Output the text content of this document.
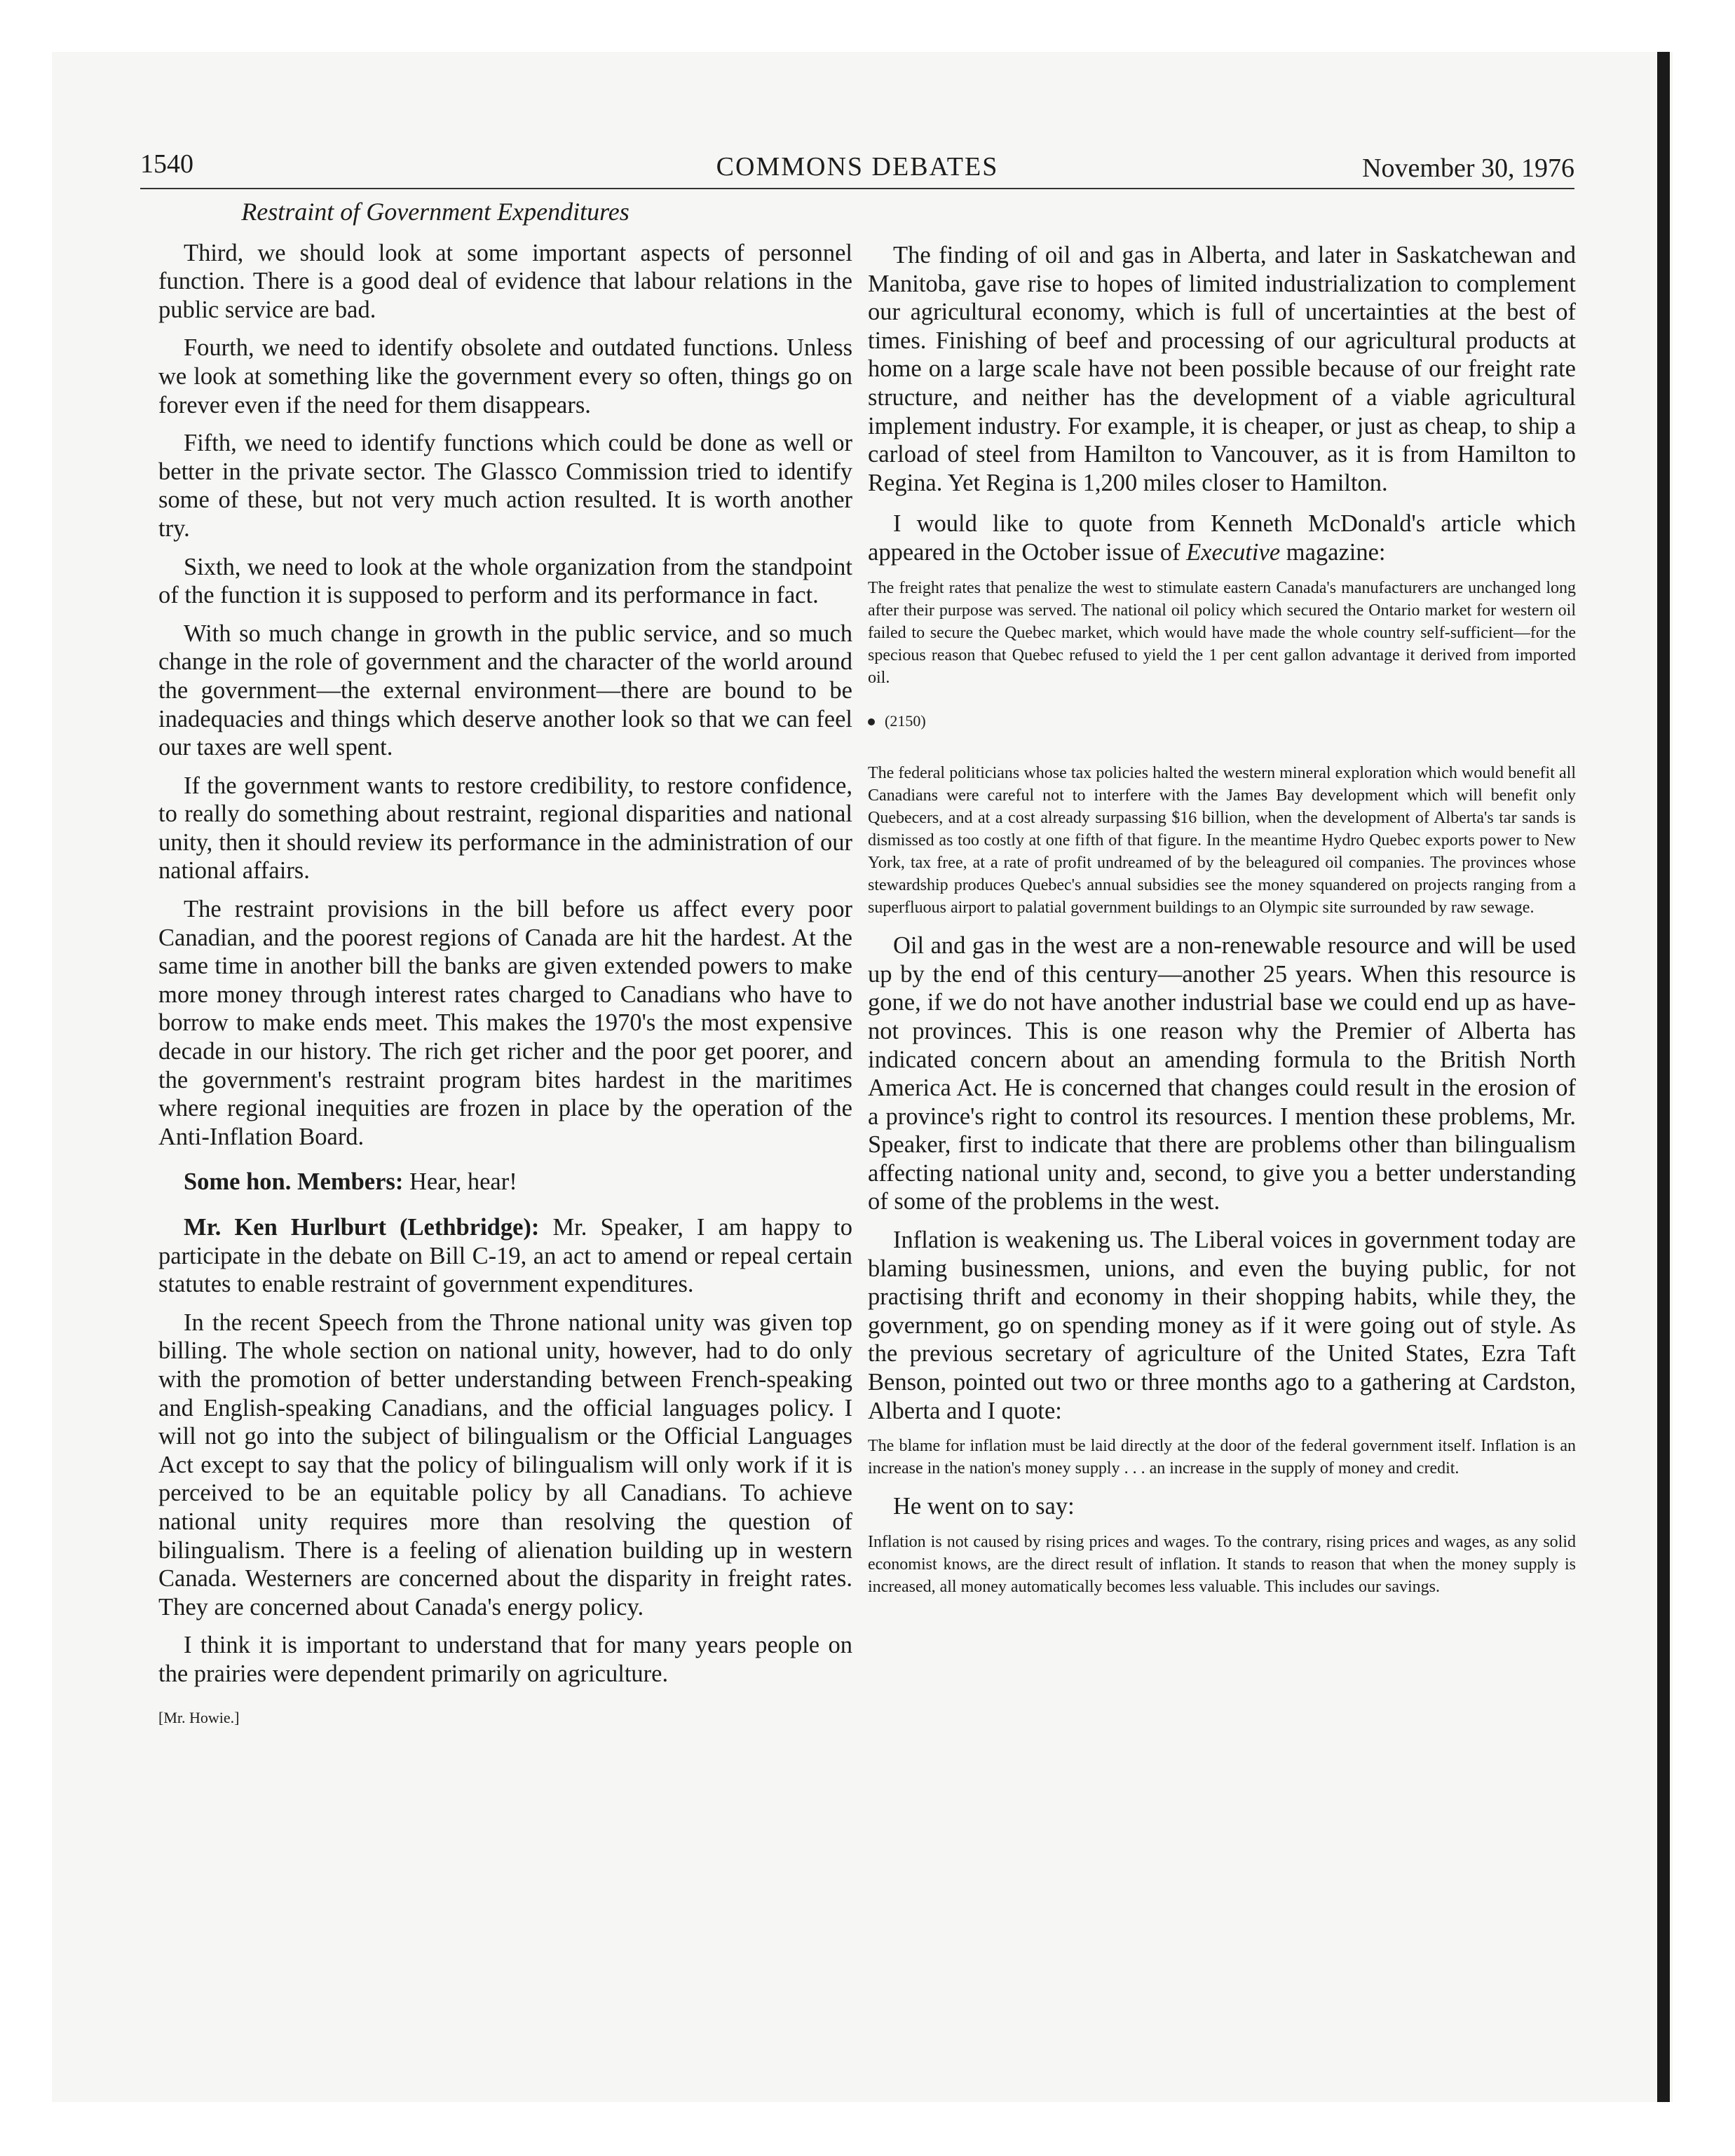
1540	COMMONS DEBATES	November 30, 1976
Restraint of Government Expenditures

Third, we should look at some important aspects of personnel function. There is a good deal of evidence that labour relations in the public service are bad.

Fourth, we need to identify obsolete and outdated functions. Unless we look at something like the government every so often, things go on forever even if the need for them disappears.

Fifth, we need to identify functions which could be done as well or better in the private sector. The Glassco Commission tried to identify some of these, but not very much action resulted. It is worth another try.

Sixth, we need to look at the whole organization from the standpoint of the function it is supposed to perform and its performance in fact.

With so much change in growth in the public service, and so much change in the role of government and the character of the world around the government—the external environment—there are bound to be inadequacies and things which deserve another look so that we can feel our taxes are well spent.

If the government wants to restore credibility, to restore confidence, to really do something about restraint, regional disparities and national unity, then it should review its performance in the administration of our national affairs.

The restraint provisions in the bill before us affect every poor Canadian, and the poorest regions of Canada are hit the hardest. At the same time in another bill the banks are given extended powers to make more money through interest rates charged to Canadians who have to borrow to make ends meet. This makes the 1970's the most expensive decade in our history. The rich get richer and the poor get poorer, and the government's restraint program bites hardest in the maritimes where regional inequities are frozen in place by the operation of the Anti-Inflation Board.

Some hon. Members: Hear, hear!

Mr. Ken Hurlburt (Lethbridge): Mr. Speaker, I am happy to participate in the debate on Bill C-19, an act to amend or repeal certain statutes to enable restraint of government expenditures.

In the recent Speech from the Throne national unity was given top billing. The whole section on national unity, however, had to do only with the promotion of better understanding between French-speaking and English-speaking Canadians, and the official languages policy. I will not go into the subject of bilingualism or the Official Languages Act except to say that the policy of bilingualism will only work if it is perceived to be an equitable policy by all Canadians. To achieve national unity requires more than resolving the question of bilingualism. There is a feeling of alienation building up in western Canada. Westerners are concerned about the disparity in freight rates. They are concerned about Canada's energy policy.

I think it is important to understand that for many years people on the prairies were dependent primarily on agriculture.

[Mr. Howie.]

The finding of oil and gas in Alberta, and later in Saskatchewan and Manitoba, gave rise to hopes of limited industrialization to complement our agricultural economy, which is full of uncertainties at the best of times. Finishing of beef and processing of our agricultural products at home on a large scale have not been possible because of our freight rate structure, and neither has the development of a viable agricultural implement industry. For example, it is cheaper, or just as cheap, to ship a carload of steel from Hamilton to Vancouver, as it is from Hamilton to Regina. Yet Regina is 1,200 miles closer to Hamilton.

I would like to quote from Kenneth McDonald's article which appeared in the October issue of Executive magazine:

The freight rates that penalize the west to stimulate eastern Canada's manufacturers are unchanged long after their purpose was served. The national oil policy which secured the Ontario market for western oil failed to secure the Quebec market, which would have made the whole country self-sufficient—for the specious reason that Quebec refused to yield the 1 per cent gallon advantage it derived from imported oil.

(2150)

The federal politicians whose tax policies halted the western mineral exploration which would benefit all Canadians were careful not to interfere with the James Bay development which will benefit only Quebecers, and at a cost already surpassing $16 billion, when the development of Alberta's tar sands is dismissed as too costly at one fifth of that figure. In the meantime Hydro Quebec exports power to New York, tax free, at a rate of profit undreamed of by the beleagured oil companies. The provinces whose stewardship produces Quebec's annual subsidies see the money squandered on projects ranging from a superfluous airport to palatial government buildings to an Olympic site surrounded by raw sewage.

Oil and gas in the west are a non-renewable resource and will be used up by the end of this century—another 25 years. When this resource is gone, if we do not have another industrial base we could end up as have-not provinces. This is one reason why the Premier of Alberta has indicated concern about an amending formula to the British North America Act. He is concerned that changes could result in the erosion of a province's right to control its resources. I mention these problems, Mr. Speaker, first to indicate that there are problems other than bilingualism affecting national unity and, second, to give you a better understanding of some of the problems in the west.

Inflation is weakening us. The Liberal voices in government today are blaming businessmen, unions, and even the buying public, for not practising thrift and economy in their shopping habits, while they, the government, go on spending money as if it were going out of style. As the previous secretary of agriculture of the United States, Ezra Taft Benson, pointed out two or three months ago to a gathering at Cardston, Alberta and I quote:

The blame for inflation must be laid directly at the door of the federal government itself. Inflation is an increase in the nation's money supply . . . an increase in the supply of money and credit.

He went on to say:

Inflation is not caused by rising prices and wages. To the contrary, rising prices and wages, as any solid economist knows, are the direct result of inflation. It stands to reason that when the money supply is increased, all money automatically becomes less valuable. This includes our savings.
